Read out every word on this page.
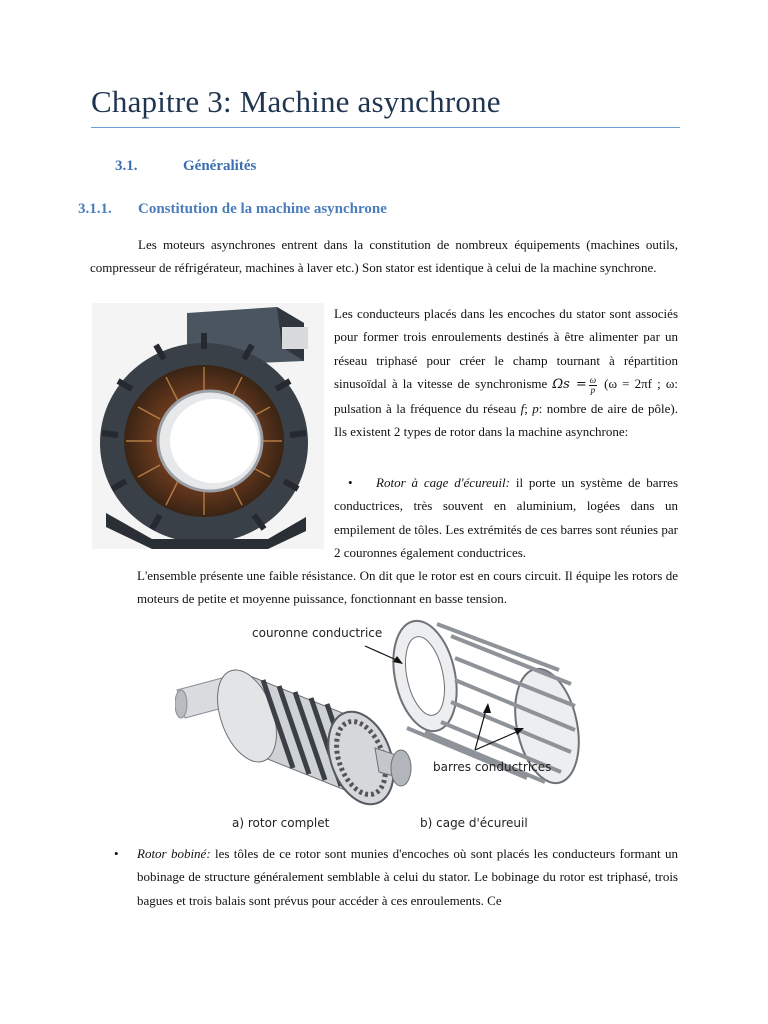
Chapitre 3: Machine asynchrone
3.1.	Généralités
3.1.1. Constitution de la machine asynchrone

Les moteurs asynchrones entrent dans la constitution de nombreux équipements (machines outils, compresseur de réfrigérateur, machines à laver etc.) Son stator est identique à celui de la machine synchrone.

Les conducteurs placés dans les encoches du stator sont associés pour former trois enroulements destinés à être alimenter par un réseau triphasé pour créer le champ tournant à répartition sinusoïdal à la vitesse de synchronisme $\Omega s = \frac{\omega}{p} (\omega = 2\pi f$ ; ω: pulsation à la fréquence du réseau f; p: nombre de aire de pôle). Ils existent 2 types de rotor dans la machine asynchrone:

• Rotor à cage d'écureuil: il porte un système de barres conductrices, très souvent en aluminium, logées dans un empilement de tôles. Les extrémités de ces barres sont réunies par 2 couronnes également conductrices.

L'ensemble présente une faible résistance. On dit que le rotor est en cours circuit. Il équipe les rotors de moteurs de petite et moyenne puissance, fonctionnant en basse tension.

couronne conductrice
barres conductrices
a) rotor complet	b) cage d'écureuil
• Rotor bobiné: les tôles de ce rotor sont munies d'encoches où sont placés les conducteurs formant un bobinage de structure généralement semblable à celui du stator. Le bobinage du rotor est triphasé, trois bagues et trois balais sont prévus pour accéder à ces enroulements. Ce
